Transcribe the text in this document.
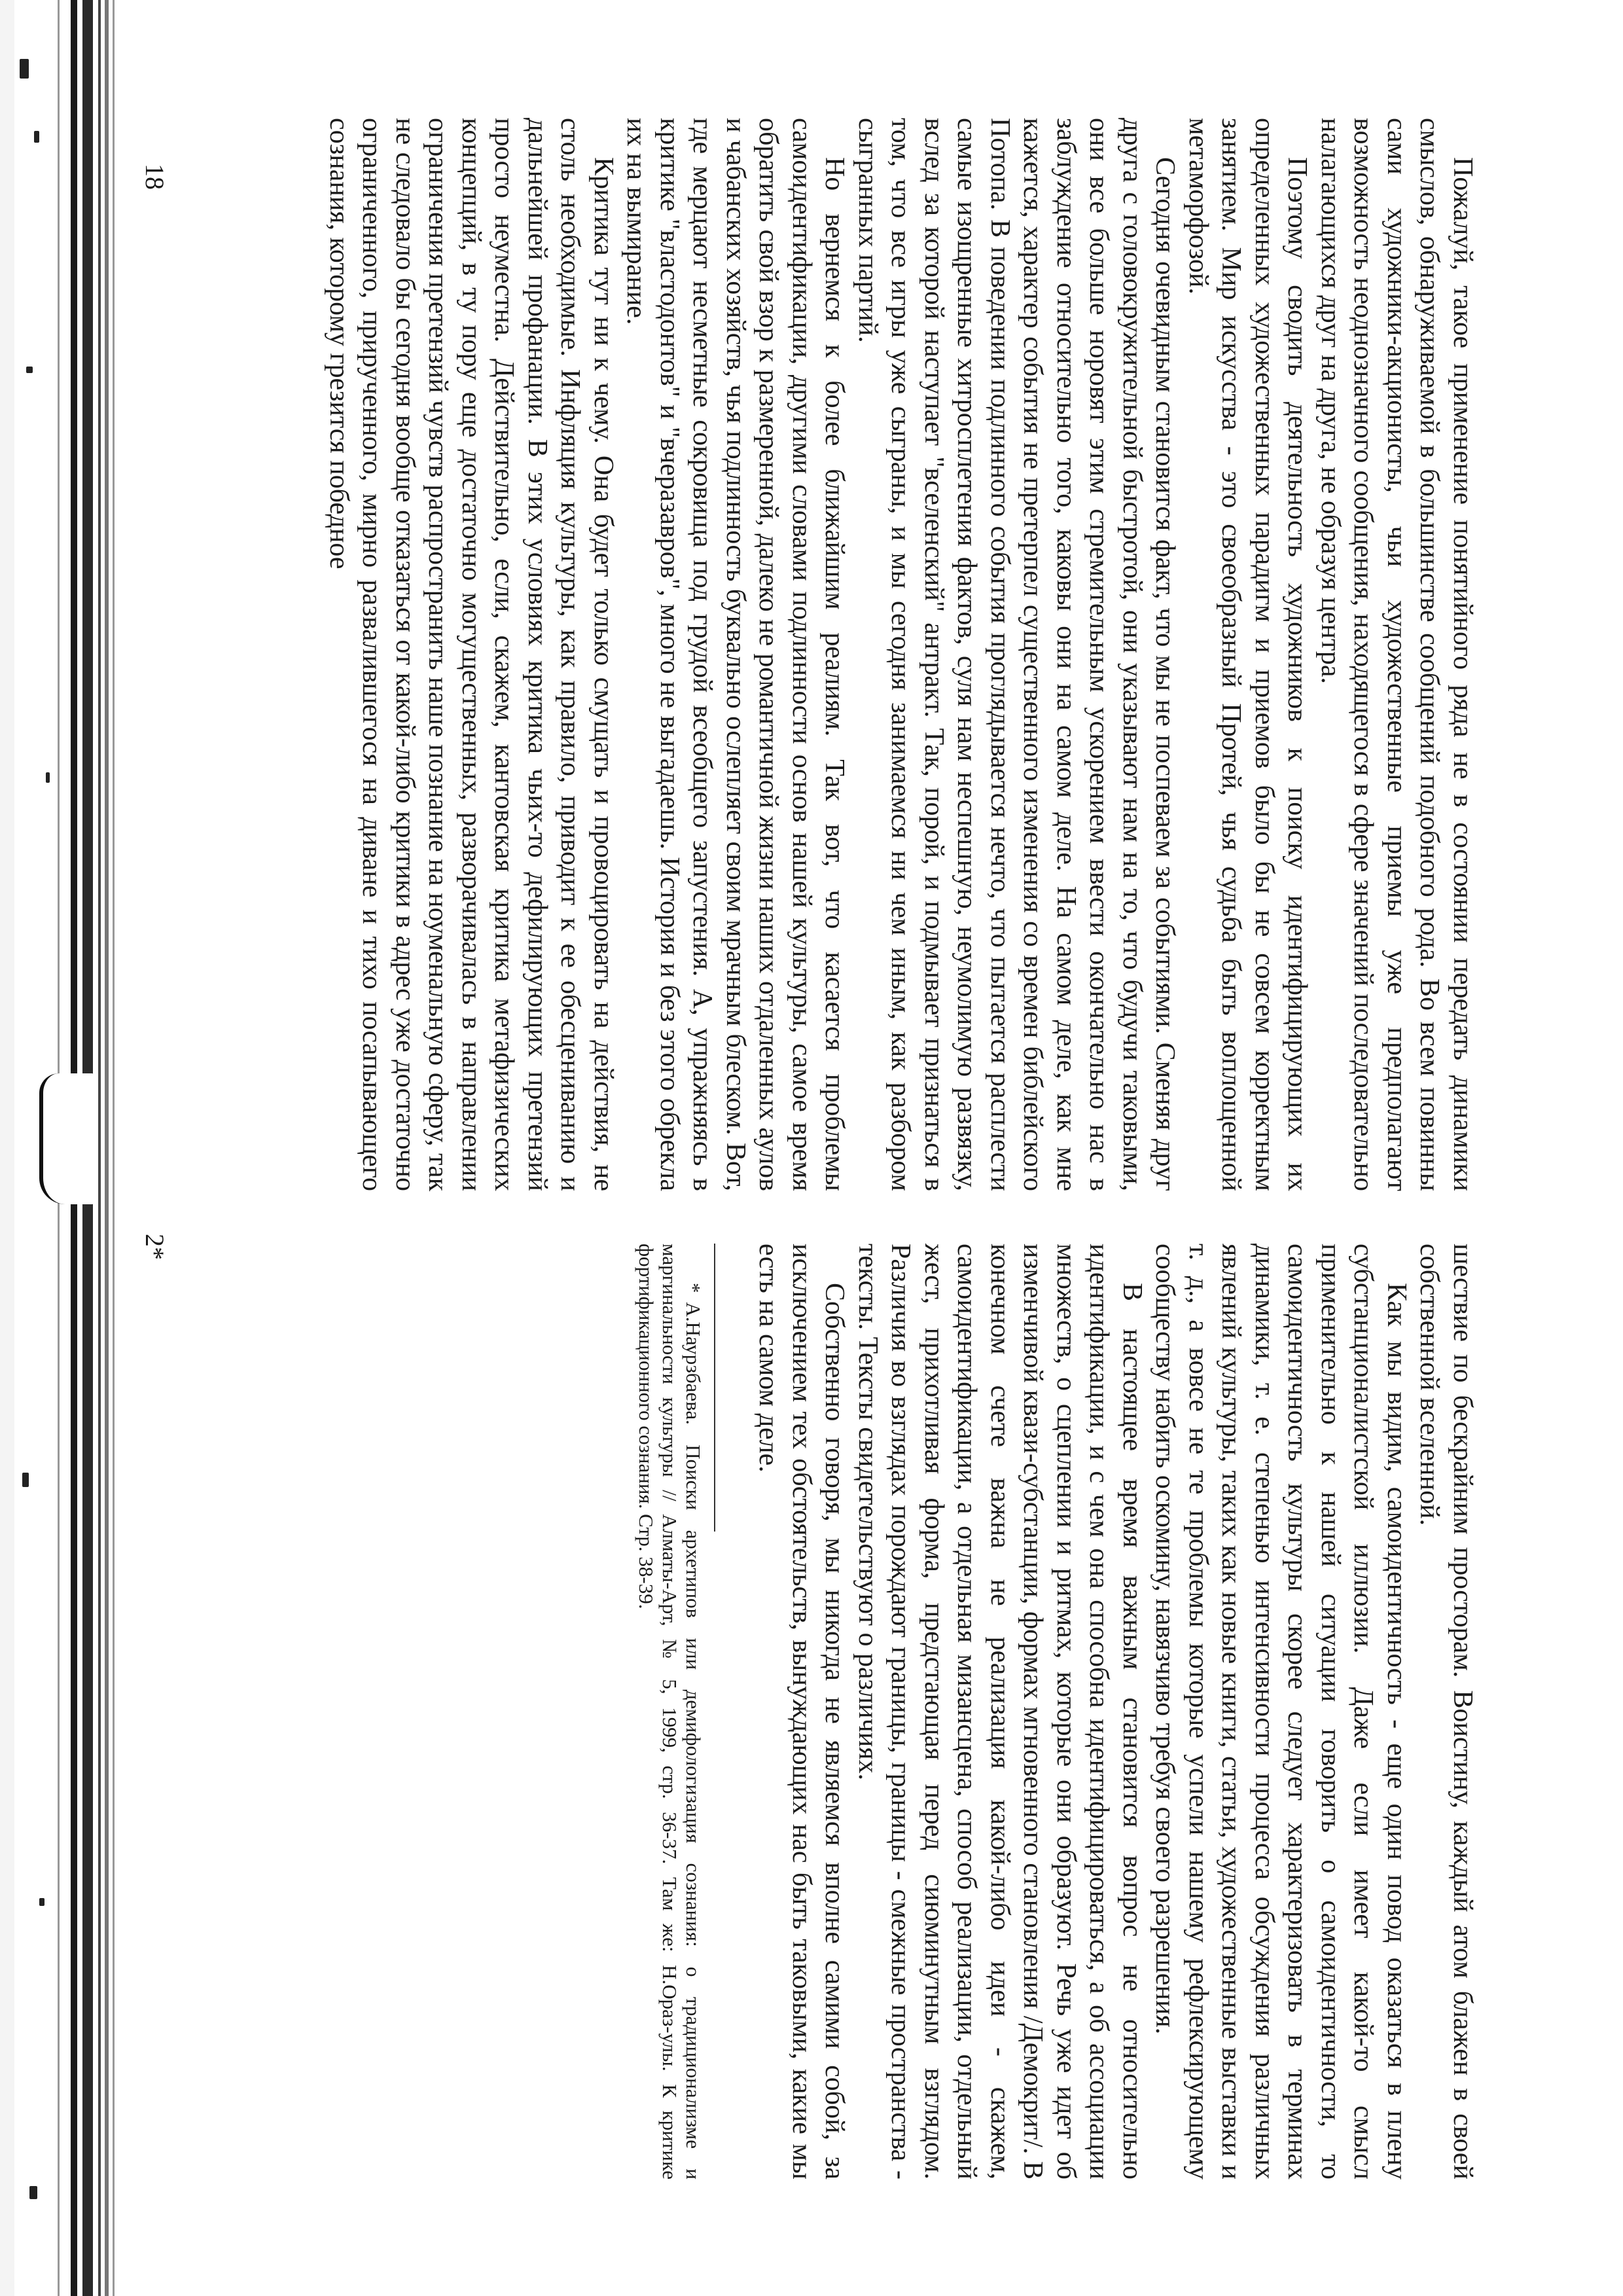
Пожалуй, такое применение понятийного ряда не в состоянии передать динамики смыслов, обнаруживаемой в большинстве сообщений подобного рода. Во всем повинны сами художники-акционисты, чьи художественные приемы уже предполагают возможность неоднозначного сообщения, находящегося в сфере значений последовательно налагающихся друг на друга, не образуя центра.

Поэтому сводить деятельность художников к поиску идентифицирующих их определенных художественных парадигм и приемов было бы не совсем корректным занятием. Мир искусства - это своеобразный Протей, чья судьба быть воплощенной метаморфозой.

Сегодня очевидным становится факт, что мы не поспеваем за событиями. Сменяя друг друга с головокружительной быстротой, они указывают нам на то, что будучи таковыми, они все больше норовят этим стремительным ускорением ввести окончательно нас в заблуждение относительно того, каковы они на самом деле. На самом деле, как мне кажется, характер события не претерпел существенного изменения со времен библейского Потопа. В поведении подлинного события проглядывается нечто, что пытается расплести самые изощренные хитросплетения фактов, суля нам неспешную, неумолимую развязку, вслед за которой наступает "вселенский" антракт. Так, порой, и подмывает признаться в том, что все игры уже сыграны, и мы сегодня занимаемся ни чем иным, как разбором сыгранных партий.

Но вернемся к более ближайшим реалиям. Так вот, что касается проблемы самоидентификации, другими словами подлинности основ нашей культуры, самое время обратить свой взор к размеренной, далеко не романтичной жизни наших отдаленных аулов и чабанских хозяйств, чья подлинность буквально ослепляет своим мрачным блеском. Вот, где мерцают несметные сокровища под грудой всеобщего запустения. А, упражняясь в критике "властодонтов" и "вчеразавров", много не выгадаешь. История и без этого обрекла их на вымирание.

Критика тут ни к чему. Она будет только смущать и провоцировать на действия, не столь необходимые. Инфляция культуры, как правило, приводит к ее обесцениванию и дальнейшей профанации. В этих условиях критика чьих-то дефилирующих претензий просто неуместна. Действительно, если, скажем, кантовская критика метафизических концепций, в ту пору еще достаточно могущественных, разворачивалась в направлении ограничения претензий чувств распространить наше познание на ноуменальную сферу, так не следовало бы сегодня вообще отказаться от какой-либо критики в адрес уже достаточно ограниченного, прирученного, мирно развалившегося на диване и тихо посапывающего сознания, которому грезится победное

шествие по бескрайним просторам. Воистину, каждый атом блажен в своей собственной вселенной.

Как мы видим, самоидентичность - еще один повод оказаться в плену субстанционалистской иллюзии. Даже если имеет какой-то смысл применительно к нашей ситуации говорить о самоидентичности, то самоидентичность культуры скорее следует характеризовать в терминах динамики, т. е. степенью интенсивности процесса обсуждения различных явлений культуры, таких как новые книги, статьи, художественные выставки и т. д., а вовсе не те проблемы которые успели нашему рефлексирующему сообществу набить оскомину, навязчиво требуя своего разрешения.

В настоящее время важным становится вопрос не относительно идентификации, и с чем она способна идентифицироваться, а об ассоциации множеств, о сцеплении и ритмах, которые они образуют. Речь уже идет об изменчивой квази-субстанции, формах мгновенного становления /Демокрит/. В конечном счете важна не реализация какой-либо идеи - скажем, самоидентификации, а отдельная мизансцена, способ реализации, отдельный жест, прихотливая форма, предстающая перед сиюминутным взглядом. Различия во взглядах порождают границы, границы - смежные пространства - тексты. Тексты свидетельствуют о различиях.

Собственно говоря, мы никогда не являемся вполне самими собой, за исключением тех обстоятельств, вынуждающих нас быть таковыми, какие мы есть на самом деле.

*А.Наурзбаева. Поиски архетипов или демифологизация сознания: о традиционализме и маргинальности культуры // Алматы-Арт, № 5, 1999, стр. 36-37. Там же: Н.Ораз-улы. К критике фортификационного сознания. Стр. 38-39.

18
2*
